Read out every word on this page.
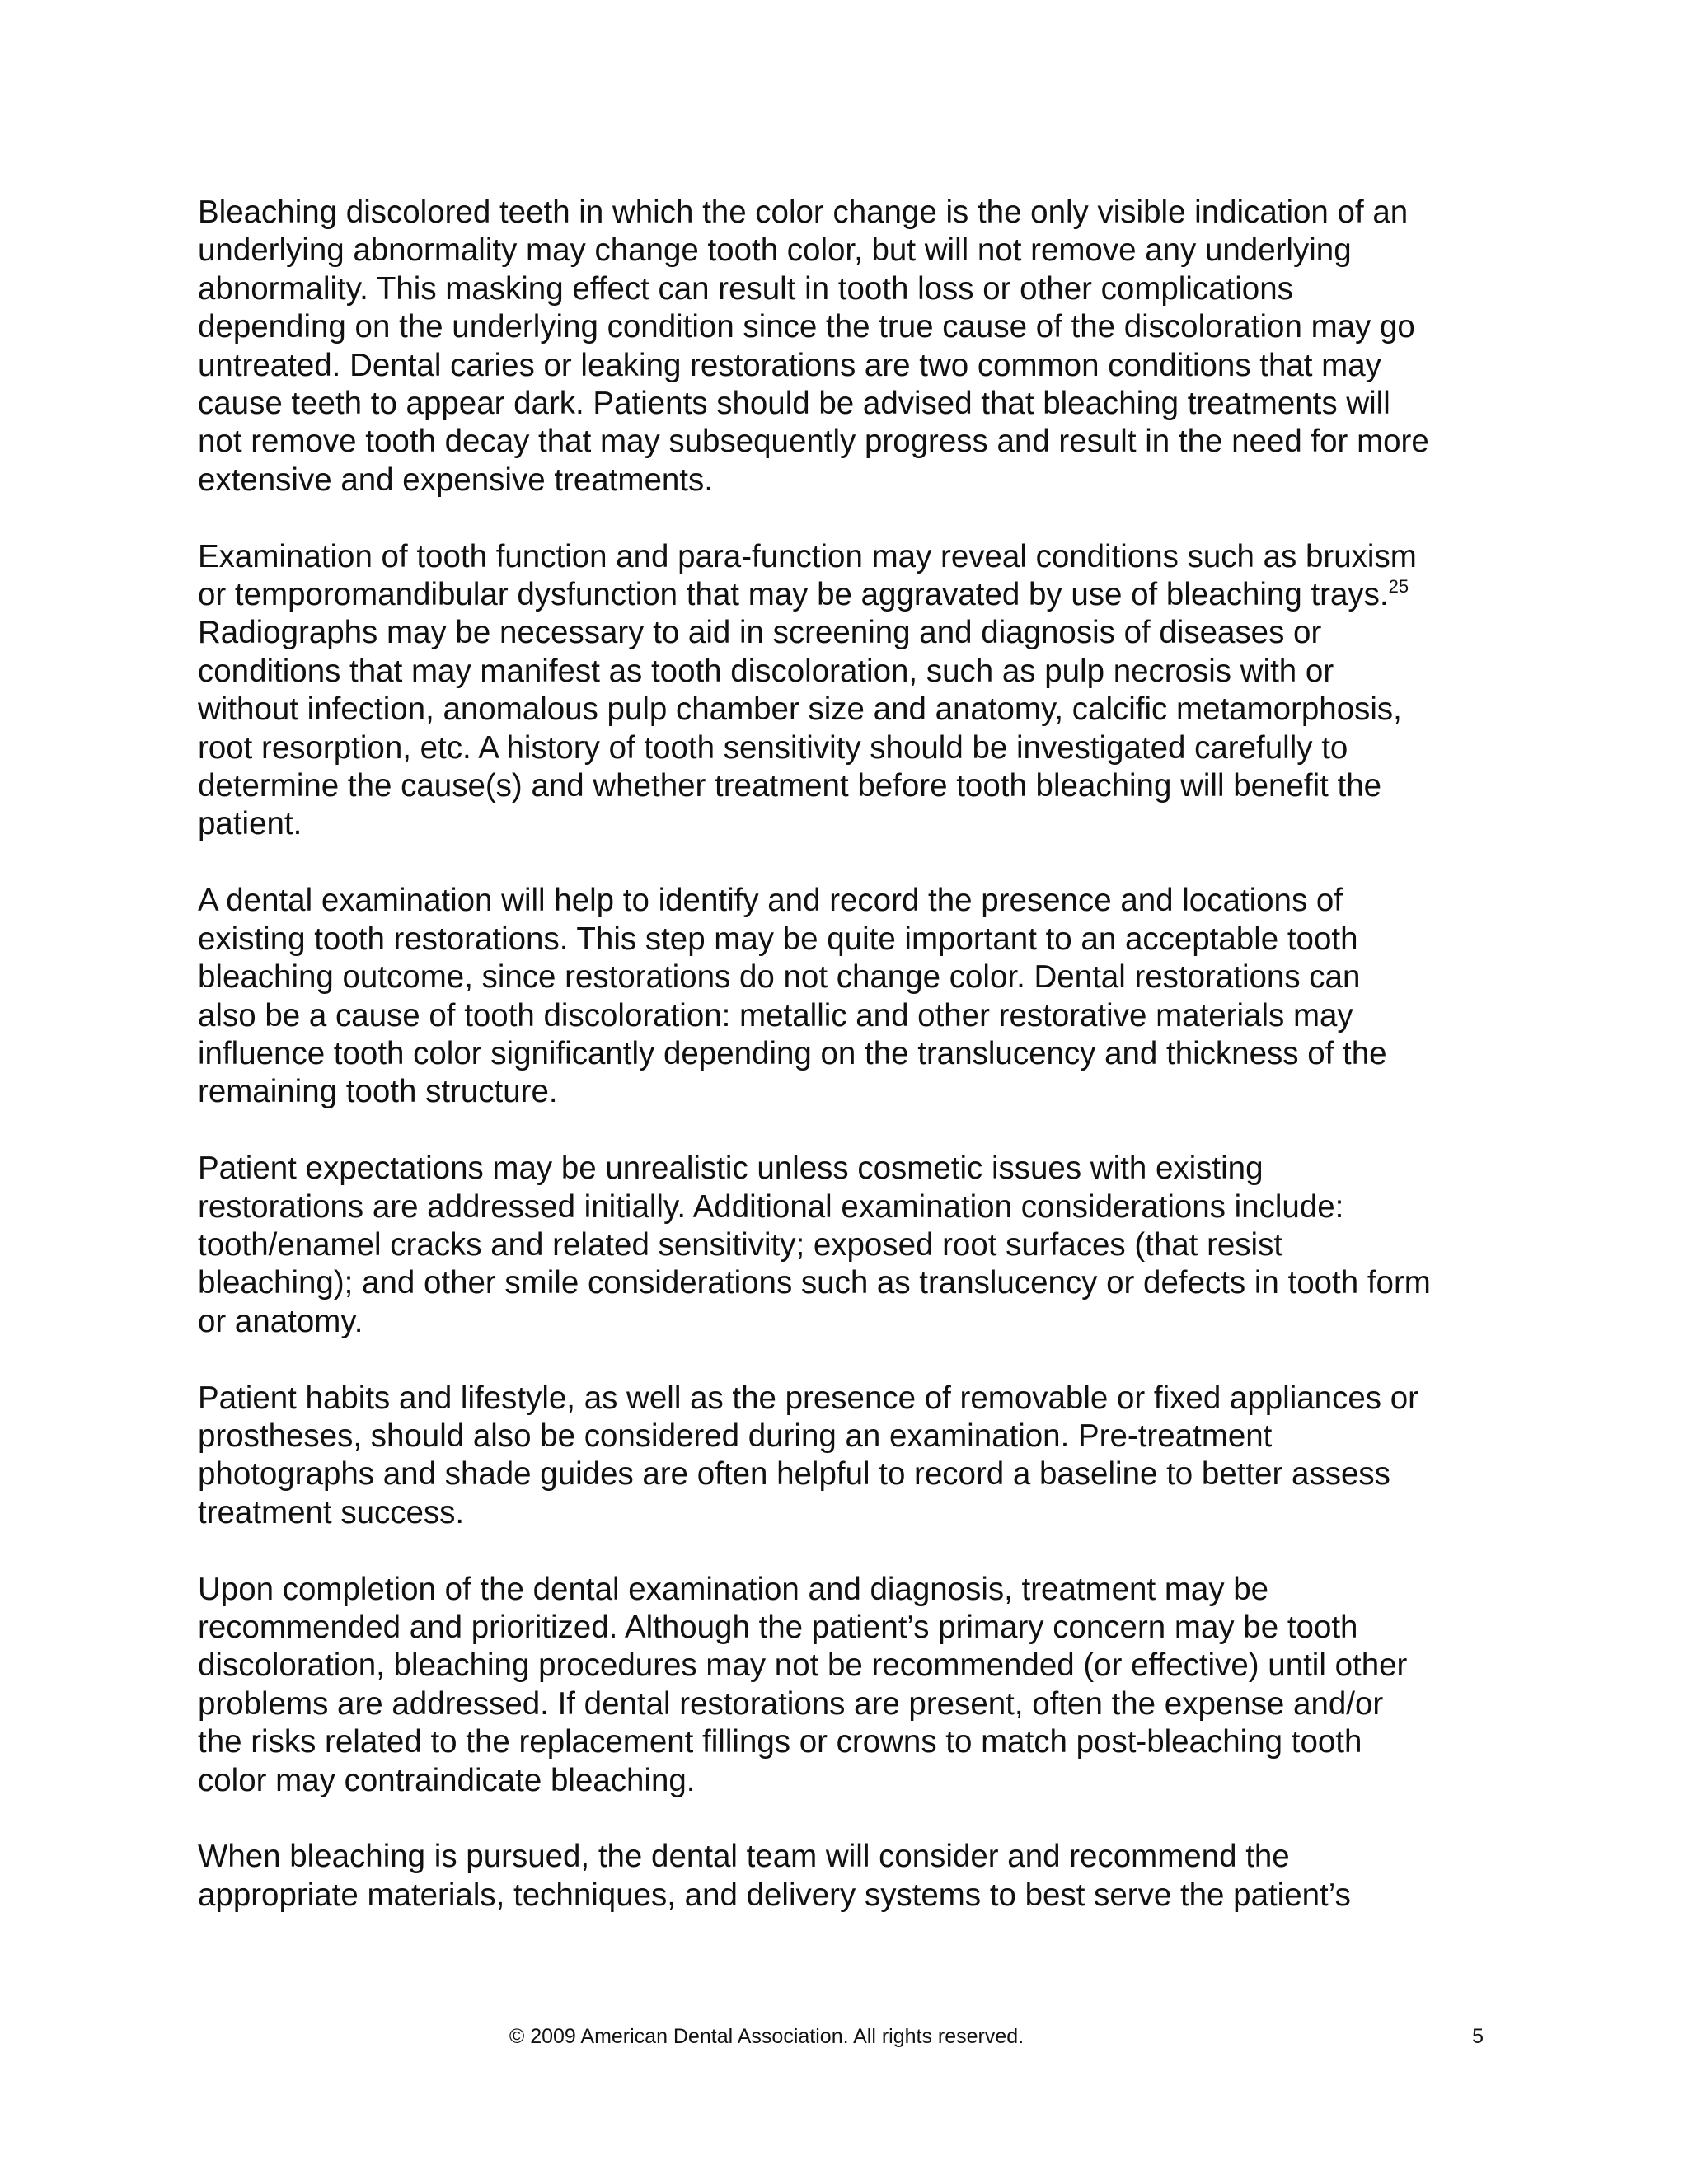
Bleaching discolored teeth in which the color change is the only visible indication of an
underlying abnormality may change tooth color, but will not remove any underlying
abnormality. This masking effect can result in tooth loss or other complications
depending on the underlying condition since the true cause of the discoloration may go
untreated. Dental caries or leaking restorations are two common conditions that may
cause teeth to appear dark. Patients should be advised that bleaching treatments will
not remove tooth decay that may subsequently progress and result in the need for more
extensive and expensive treatments.

Examination of tooth function and para-function may reveal conditions such as bruxism
or temporomandibular dysfunction that may be aggravated by use of bleaching trays.$^{25}$
Radiographs may be necessary to aid in screening and diagnosis of diseases or
conditions that may manifest as tooth discoloration, such as pulp necrosis with or
without infection, anomalous pulp chamber size and anatomy, calcific metamorphosis,
root resorption, etc. A history of tooth sensitivity should be investigated carefully to
determine the cause(s) and whether treatment before tooth bleaching will benefit the
patient.

A dental examination will help to identify and record the presence and locations of
existing tooth restorations. This step may be quite important to an acceptable tooth
bleaching outcome, since restorations do not change color. Dental restorations can
also be a cause of tooth discoloration: metallic and other restorative materials may
influence tooth color significantly depending on the translucency and thickness of the
remaining tooth structure.

Patient expectations may be unrealistic unless cosmetic issues with existing
restorations are addressed initially. Additional examination considerations include:
tooth/enamel cracks and related sensitivity; exposed root surfaces (that resist
bleaching); and other smile considerations such as translucency or defects in tooth form
or anatomy.

Patient habits and lifestyle, as well as the presence of removable or fixed appliances or
prostheses, should also be considered during an examination. Pre-treatment
photographs and shade guides are often helpful to record a baseline to better assess
treatment success.

Upon completion of the dental examination and diagnosis, treatment may be
recommended and prioritized. Although the patient’s primary concern may be tooth
discoloration, bleaching procedures may not be recommended (or effective) until other
problems are addressed. If dental restorations are present, often the expense and/or
the risks related to the replacement fillings or crowns to match post-bleaching tooth
color may contraindicate bleaching.

When bleaching is pursued, the dental team will consider and recommend the
appropriate materials, techniques, and delivery systems to best serve the patient’s

© 2009 American Dental Association. All rights reserved.	5
